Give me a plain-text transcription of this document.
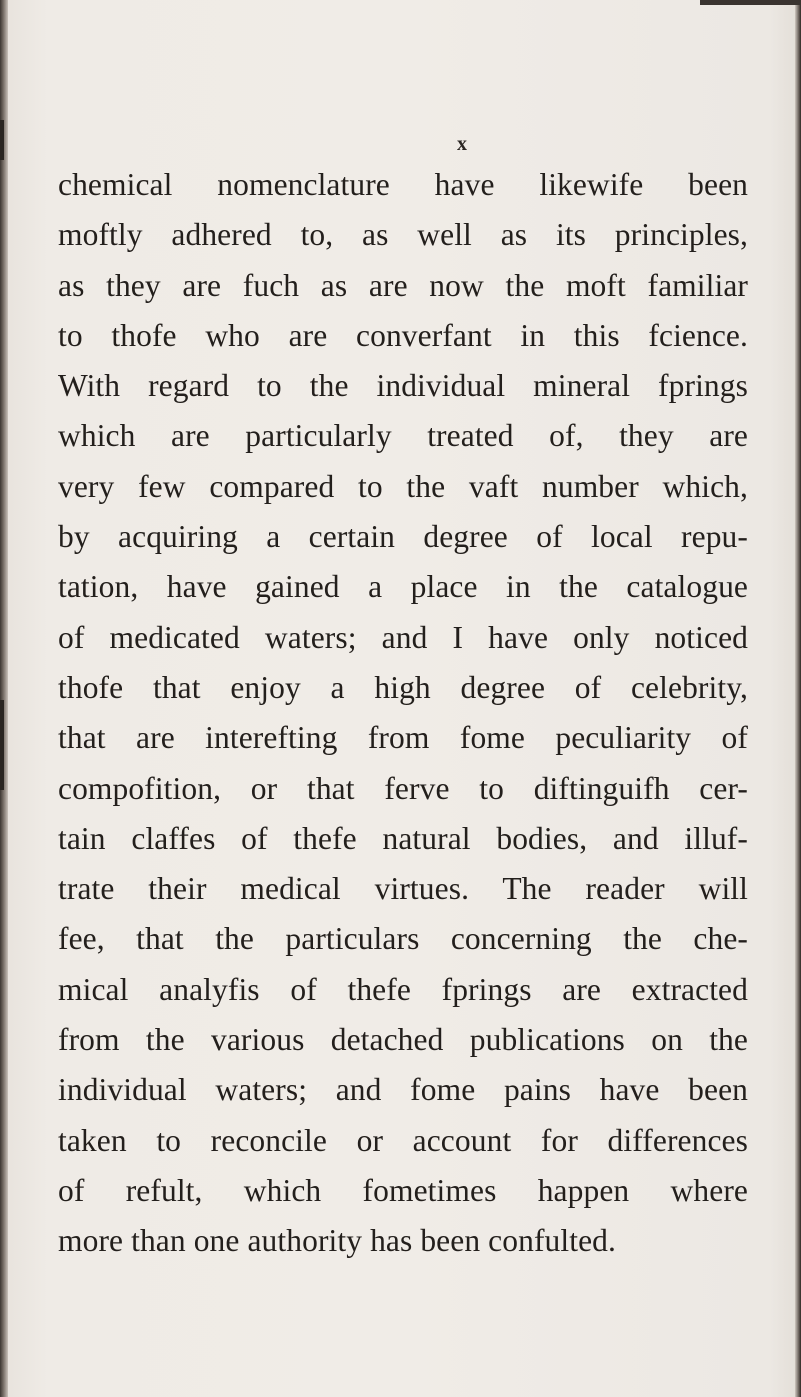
x
chemical nomenclature have likewife been
moftly adhered to, as well as its principles,
as they are fuch as are now the moft familiar
to thofe who are converfant in this fcience.
With regard to the individual mineral fprings
which are particularly treated of, they are
very few compared to the vaft number which,
by acquiring a certain degree of local repu-
tation, have gained a place in the catalogue
of medicated waters; and I have only noticed
thofe that enjoy a high degree of celebrity,
that are interefting from fome peculiarity of
compofition, or that ferve to diftinguifh cer-
tain claffes of thefe natural bodies, and illuf-
trate their medical virtues. The reader will
fee, that the particulars concerning the che-
mical analyfis of thefe fprings are extracted
from the various detached publications on the
individual waters; and fome pains have been
taken to reconcile or account for differences
of refult, which fometimes happen where
more than one authority has been confulted.
